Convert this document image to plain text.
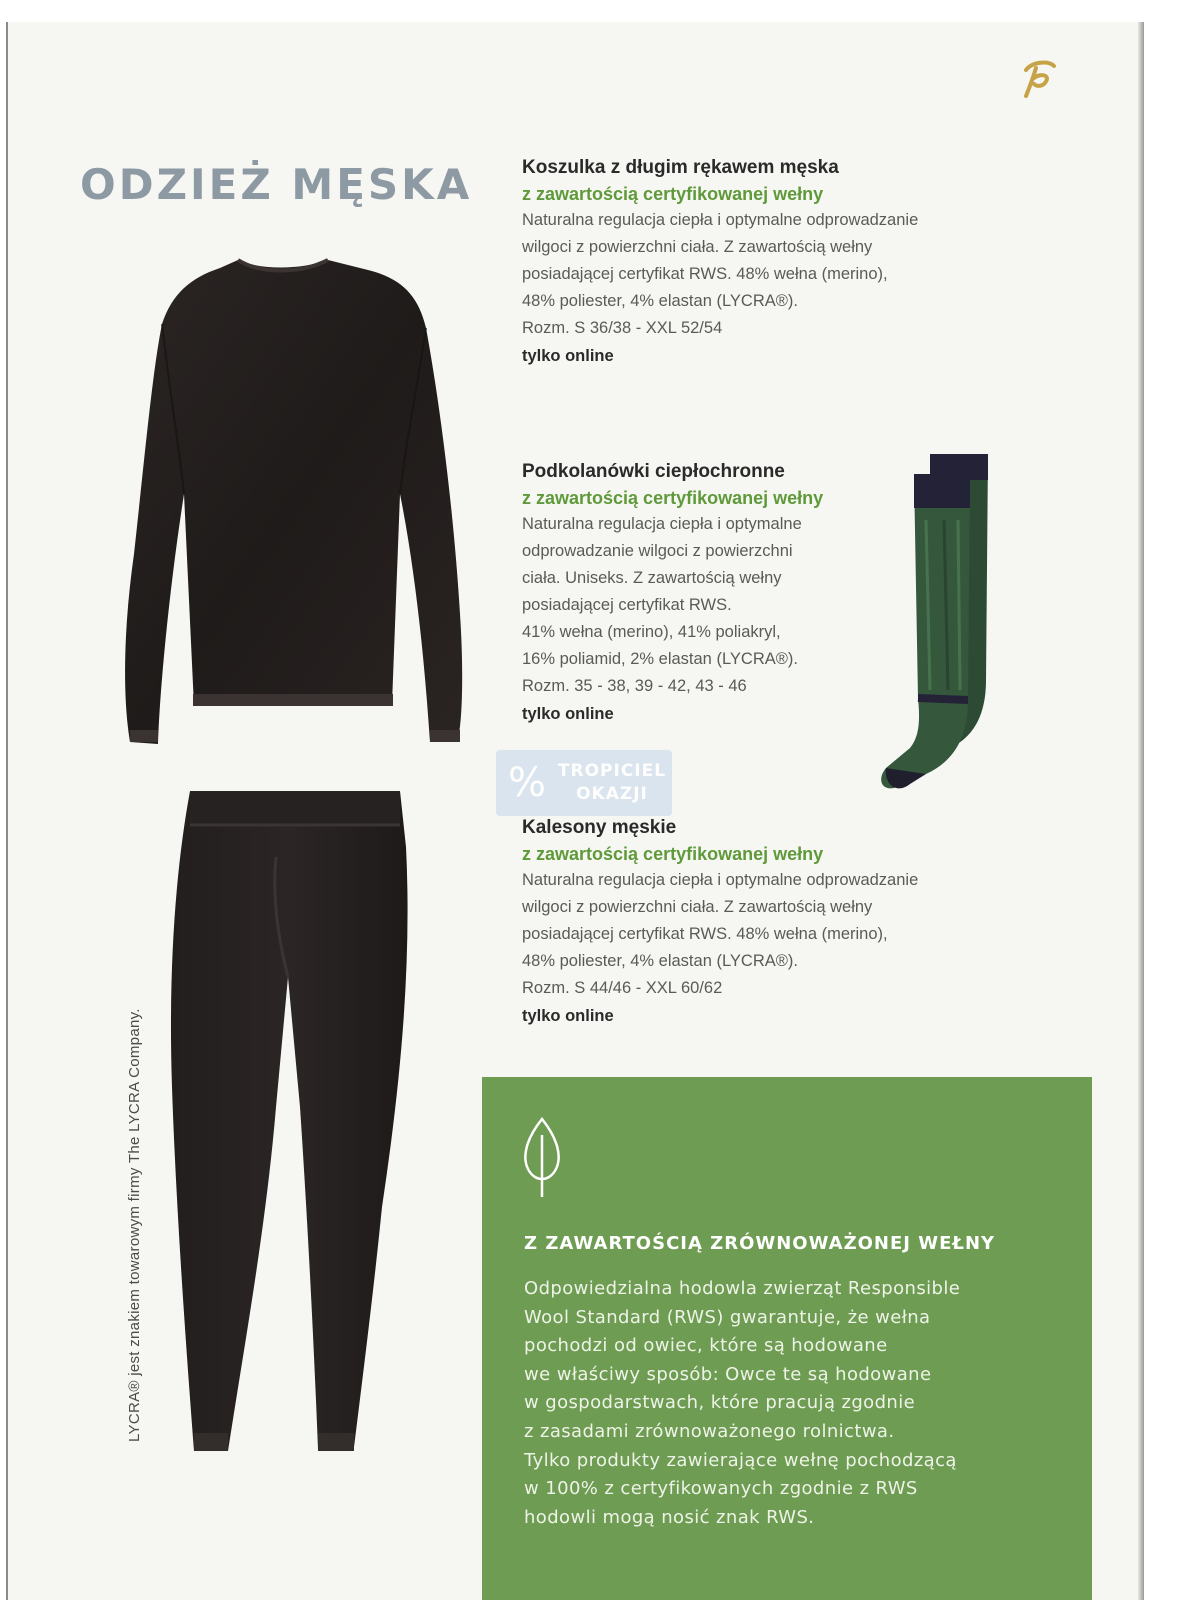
ODZIEŻ MĘSKA	Koszulka z długim rękawem męska

z zawartością certyfikowanej wełny

Naturalna regulacja ciepła i optymalne odprowadzanie
wilgoci z powierzchni ciała. Z zawartością wełny
posiadającej certyfikat RWS. 48% wełna (merino),
48% poliester, 4% elastan (LYCRA®).

Rozm. S 36/38 - XXL 52/54

tylko online

Podkolanówki ciepłochronne

z zawartością certyfikowanej wełny

Naturalna regulacja ciepła i optymalne
odprowadzanie wilgoci z powierzchni
ciała. Uniseks. Z zawartością wełny
posiadającej certyfikat RWS.
41% wełna (merino), 41% poliakryl,
16% poliamid, 2% elastan (LYCRA®).

Rozm. 35 - 38, 39 - 42, 43 - 46

tylko online

% TROPICIEL
OKAZJI

Kalesony męskie

z zawartością certyfikowanej wełny

Naturalna regulacja ciepła i optymalne odprowadzanie
wilgoci z powierzchni ciała. Z zawartością wełny
posiadającej certyfikat RWS. 48% wełna (merino),
48% poliester, 4% elastan (LYCRA®).

Rozm. S 44/46 - XXL 60/62

tylko online

LYCRA® jest znakiem towarowym firmy The LYCRA Company.	Z ZAWARTOŚCIĄ ZRÓWNOWAŻONEJ WEŁNY

Odpowiedzialna hodowla zwierząt Responsible
Wool Standard (RWS) gwarantuje, że wełna
pochodzi od owiec, które są hodowane
we właściwy sposób: Owce te są hodowane
w gospodarstwach, które pracują zgodnie
z zasadami zrównoważonego rolnictwa.
Tylko produkty zawierające wełnę pochodzącą
w 100% z certyfikowanych zgodnie z RWS
hodowli mogą nosić znak RWS.
